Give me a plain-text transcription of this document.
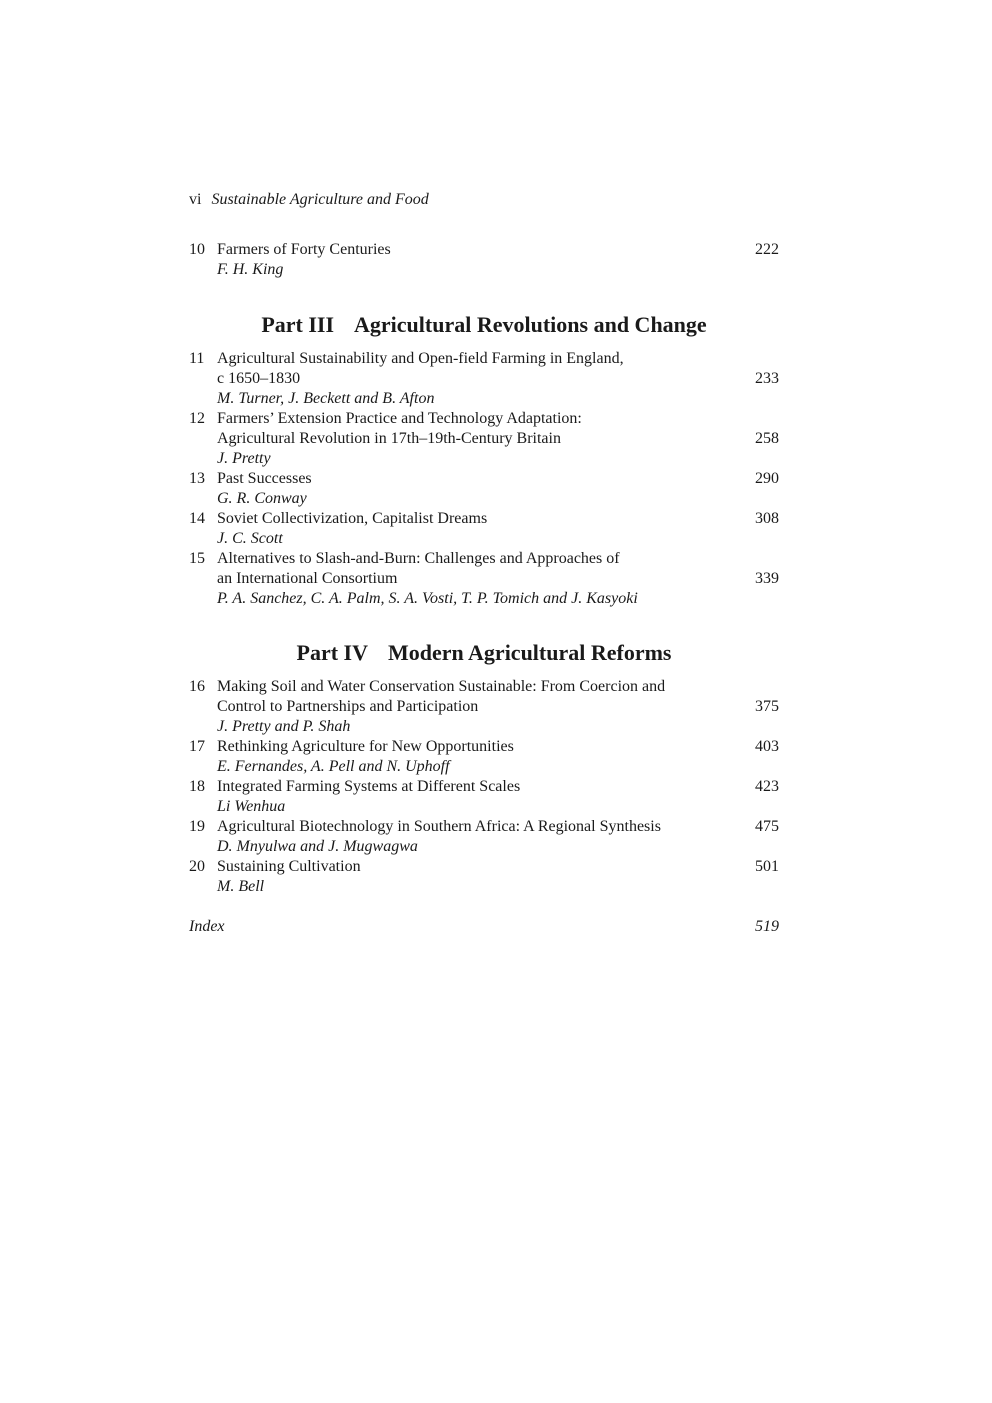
vi Sustainable Agriculture and Food
10 Farmers of Forty Centuries	222
F. H. King
Part III Agricultural Revolutions and Change
11 Agricultural Sustainability and Open-field Farming in England,
c 1650–1830	233
M. Turner, J. Beckett and B. Afton
12 Farmers’ Extension Practice and Technology Adaptation:
Agricultural Revolution in 17th–19th-Century Britain	258
J. Pretty
13 Past Successes	290
G. R. Conway
14 Soviet Collectivization, Capitalist Dreams	308
J. C. Scott
15 Alternatives to Slash-and-Burn: Challenges and Approaches of
an International Consortium	339
P. A. Sanchez, C. A. Palm, S. A. Vosti, T. P. Tomich and J. Kasyoki
Part IV Modern Agricultural Reforms
16 Making Soil and Water Conservation Sustainable: From Coercion and
Control to Partnerships and Participation	375
J. Pretty and P. Shah
17 Rethinking Agriculture for New Opportunities	403
E. Fernandes, A. Pell and N. Uphoff
18 Integrated Farming Systems at Different Scales	423
Li Wenhua
19 Agricultural Biotechnology in Southern Africa: A Regional Synthesis	475
D. Mnyulwa and J. Mugwagwa
20 Sustaining Cultivation	501
M. Bell
Index	519
